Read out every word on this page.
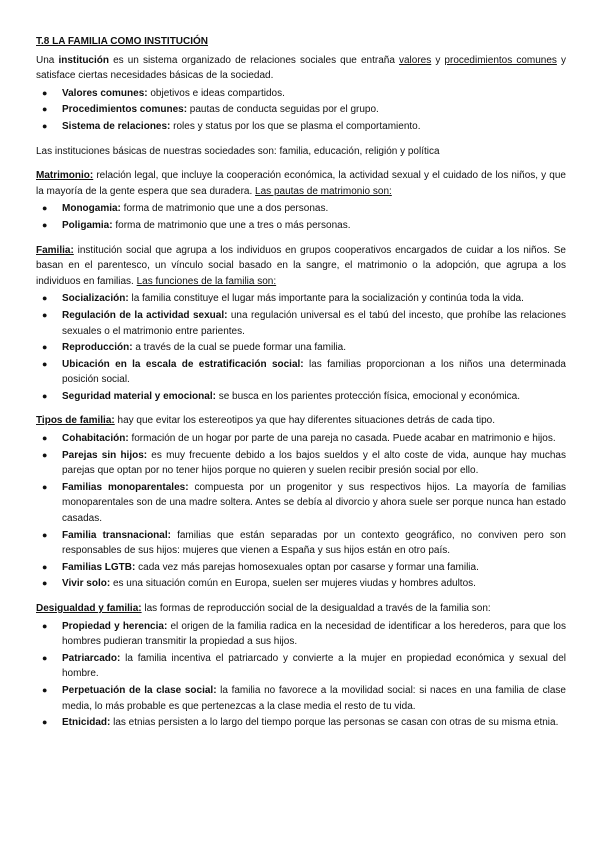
T.8 LA FAMILIA COMO INSTITUCIÓN

Una institución es un sistema organizado de relaciones sociales que entraña valores y procedimientos comunes y satisface ciertas necesidades básicas de la sociedad.

● Valores comunes: objetivos e ideas compartidos.
● Procedimientos comunes: pautas de conducta seguidas por el grupo.
● Sistema de relaciones: roles y status por los que se plasma el comportamiento.

Las instituciones básicas de nuestras sociedades son: familia, educación, religión y política

Matrimonio: relación legal, que incluye la cooperación económica, la actividad sexual y el cuidado de los niños, y que la mayoría de la gente espera que sea duradera. Las pautas de matrimonio son:

● Monogamia: forma de matrimonio que une a dos personas.
● Poligamia: forma de matrimonio que une a tres o más personas.

Familia: institución social que agrupa a los individuos en grupos cooperativos encargados de cuidar a los niños. Se basan en el parentesco, un vínculo social basado en la sangre, el matrimonio o la adopción, que agrupa a los individuos en familias. Las funciones de la familia son:

● Socialización: la familia constituye el lugar más importante para la socialización y continúa toda la vida.
● Regulación de la actividad sexual: una regulación universal es el tabú del incesto, que prohíbe las relaciones sexuales o el matrimonio entre parientes.
● Reproducción: a través de la cual se puede formar una familia.
● Ubicación en la escala de estratificación social: las familias proporcionan a los niños una determinada posición social.
● Seguridad material y emocional: se busca en los parientes protección física, emocional y económica.

Tipos de familia: hay que evitar los estereotipos ya que hay diferentes situaciones detrás de cada tipo.

● Cohabitación: formación de un hogar por parte de una pareja no casada. Puede acabar en matrimonio e hijos.
● Parejas sin hijos: es muy frecuente debido a los bajos sueldos y el alto coste de vida, aunque hay muchas parejas que optan por no tener hijos porque no quieren y suelen recibir presión social por ello.
● Familias monoparentales: compuesta por un progenitor y sus respectivos hijos. La mayoría de familias monoparentales son de una madre soltera. Antes se debía al divorcio y ahora suele ser porque nunca han estado casadas.
● Familia transnacional: familias que están separadas por un contexto geográfico, no conviven pero son responsables de sus hijos: mujeres que vienen a España y sus hijos están en otro país.
● Familias LGTB: cada vez más parejas homosexuales optan por casarse y formar una familia.
● Vivir solo: es una situación común en Europa, suelen ser mujeres viudas y hombres adultos.

Desigualdad y familia: las formas de reproducción social de la desigualdad a través de la familia son:

● Propiedad y herencia: el origen de la familia radica en la necesidad de identificar a los herederos, para que los hombres pudieran transmitir la propiedad a sus hijos.
● Patriarcado: la familia incentiva el patriarcado y convierte a la mujer en propiedad económica y sexual del hombre.
● Perpetuación de la clase social: la familia no favorece a la movilidad social: si naces en una familia de clase media, lo más probable es que pertenezcas a la clase media el resto de tu vida.
● Etnicidad: las etnias persisten a lo largo del tiempo porque las personas se casan con otras de su misma etnia.
